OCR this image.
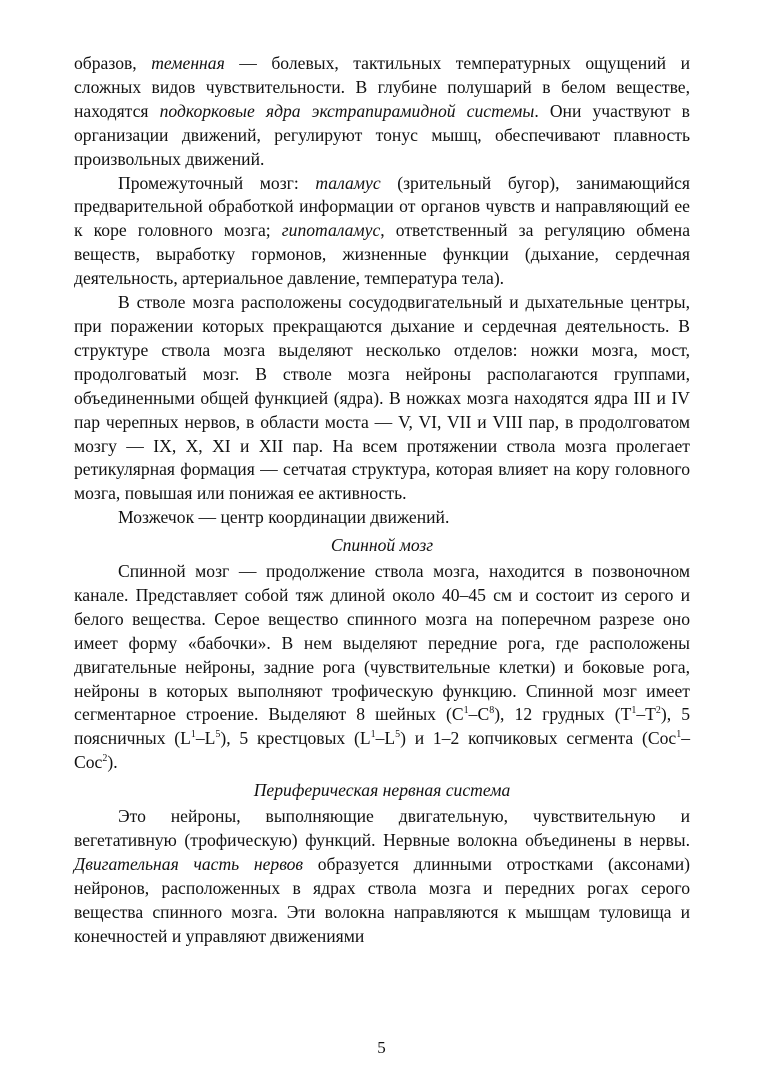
образов, теменная — болевых, тактильных температурных ощущений и сложных видов чувствительности. В глубине полушарий в белом веществе, находятся подкорковые ядра экстрапирамидной системы. Они участвуют в организации движений, регулируют тонус мышц, обеспечивают плавность произвольных движений.

Промежуточный мозг: таламус (зрительный бугор), занимающийся предварительной обработкой информации от органов чувств и направляющий ее к коре головного мозга; гипоталамус, ответственный за регуляцию обмена веществ, выработку гормонов, жизненные функции (дыхание, сердечная деятельность, артериальное давление, температура тела).

В стволе мозга расположены сосудодвигательный и дыхательные центры, при поражении которых прекращаются дыхание и сердечная деятельность. В структуре ствола мозга выделяют несколько отделов: ножки мозга, мост, продолговатый мозг. В стволе мозга нейроны располагаются группами, объединенными общей функцией (ядра). В ножках мозга находятся ядра III и IV пар черепных нервов, в области моста — V, VI, VII и VIII пар, в продолговатом мозгу — IX, X, XI и XII пар. На всем протяжении ствола мозга пролегает ретикулярная формация — сетчатая структура, которая влияет на кору головного мозга, повышая или понижая ее активность.

Мозжечок — центр координации движений.

Спинной мозг

Спинной мозг — продолжение ствола мозга, находится в позвоночном канале. Представляет собой тяж длиной около 40–45 см и состоит из серого и белого вещества. Серое вещество спинного мозга на поперечном разрезе оно имеет форму «бабочки». В нем выделяют передние рога, где расположены двигательные нейроны, задние рога (чувствительные клетки) и боковые рога, нейроны в которых выполняют трофическую функцию. Спинной мозг имеет сегментарное строение. Выделяют 8 шейных $(C^1-C^8)$, 12 грудных $(T^1-T^2)$, 5 поясничных $(L^1-L^5)$, 5 крестцовых $(L^1-L^5)$ и 1–2 копчиковых сегмента (Coc$^1$–Coc$^2$).

Периферическая нервная система

Это нейроны, выполняющие двигательную, чувствительную и вегетативную (трофическую) функций. Нервные волокна объединены в нервы. Двигательная часть нервов образуется длинными отростками (аксонами) нейронов, расположенных в ядрах ствола мозга и передних рогах серого вещества спинного мозга. Эти волокна направляются к мышцам туловища и конечностей и управляют движениями

5
